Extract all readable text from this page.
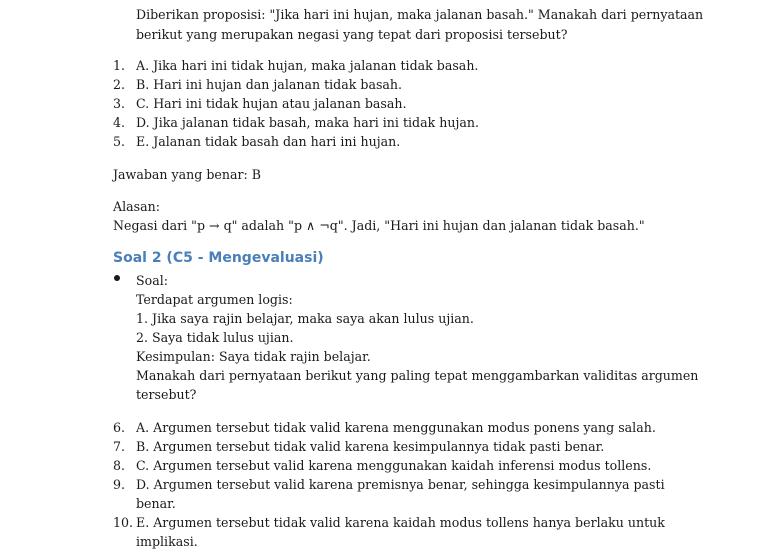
Diberikan proposisi: "Jika hari ini hujan, maka jalanan basah." Manakah dari pernyataan
berikut yang merupakan negasi yang tepat dari proposisi tersebut?
1. A. Jika hari ini tidak hujan, maka jalanan tidak basah.
2. B. Hari ini hujan dan jalanan tidak basah.
3. C. Hari ini tidak hujan atau jalanan basah.
4. D. Jika jalanan tidak basah, maka hari ini tidak hujan.
5. E. Jalanan tidak basah dan hari ini hujan.
Jawaban yang benar: B
Alasan:
Negasi dari "p → q" adalah "p ∧ ¬q". Jadi, "Hari ini hujan dan jalanan tidak basah."
Soal 2 (C5 - Mengevaluasi)
Soal:
Terdapat argumen logis:
1. Jika saya rajin belajar, maka saya akan lulus ujian.
2. Saya tidak lulus ujian.
Kesimpulan: Saya tidak rajin belajar.
Manakah dari pernyataan berikut yang paling tepat menggambarkan validitas argumen
tersebut?
6. A. Argumen tersebut tidak valid karena menggunakan modus ponens yang salah.
7. B. Argumen tersebut tidak valid karena kesimpulannya tidak pasti benar.
8. C. Argumen tersebut valid karena menggunakan kaidah inferensi modus tollens.
9. D. Argumen tersebut valid karena premisnya benar, sehingga kesimpulannya pasti
benar.
10. E. Argumen tersebut tidak valid karena kaidah modus tollens hanya berlaku untuk
implikasi.
